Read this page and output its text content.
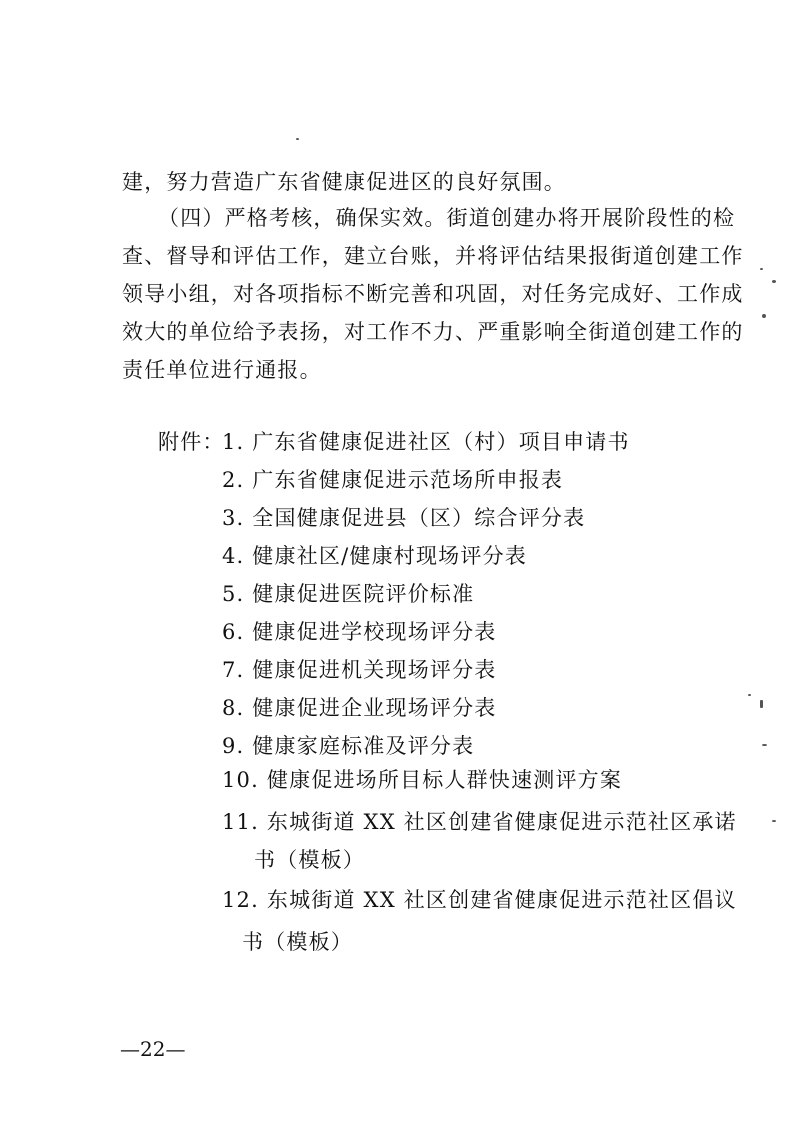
建，努力营造广东省健康促进区的良好氛围。
（四）严格考核，确保实效。街道创建办将开展阶段性的检
查、督导和评估工作，建立台账，并将评估结果报街道创建工作
领导小组，对各项指标不断完善和巩固，对任务完成好、工作成
效大的单位给予表扬，对工作不力、严重影响全街道创建工作的
责任单位进行通报。
附件：
1. 广东省健康促进社区（村）项目申请书
2. 广东省健康促进示范场所申报表
3. 全国健康促进县（区）综合评分表
4. 健康社区/健康村现场评分表
5. 健康促进医院评价标准
6. 健康促进学校现场评分表
7. 健康促进机关现场评分表
8. 健康促进企业现场评分表
9. 健康家庭标准及评分表
10. 健康促进场所目标人群快速测评方案
11. 东城街道 XX 社区创建省健康促进示范社区承诺
书（模板）
12. 东城街道 XX 社区创建省健康促进示范社区倡议
书（模板）
—22—
